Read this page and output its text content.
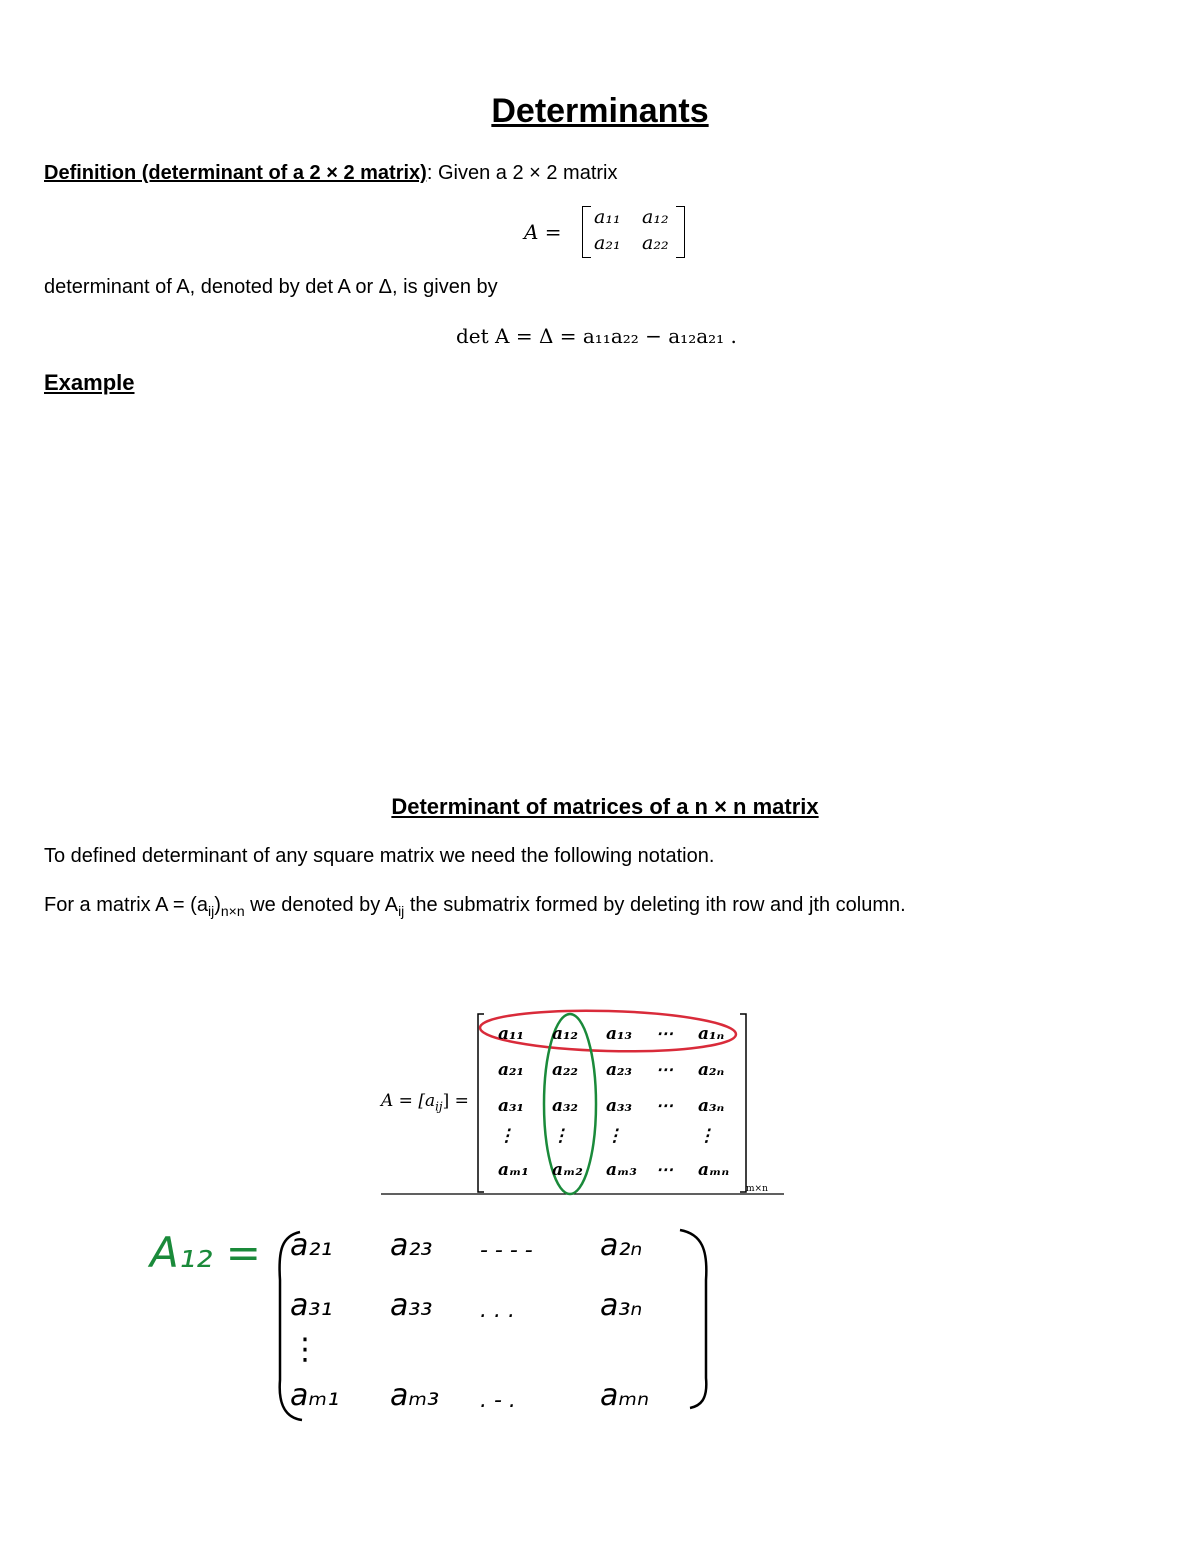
Determinants
Definition (determinant of a 2 × 2 matrix): Given a 2 × 2 matrix
A =
a₁₁ a₁₂
a₂₁ a₂₂
determinant of A, denoted by det A or Δ, is given by
det A = Δ = a₁₁a₂₂ − a₁₂a₂₁ .
Example
Determinant of matrices of a n × n matrix
To defined determinant of any square matrix we need the following notation.
For a matrix $A = (a_{ij})_{n\times n}$ we denoted by $A_{ij}$ the submatrix formed by deleting ith row and jth column.
$A = [a_{ij}]$ =
a₁₁ a₁₂ a₁₃ ⋯ a₁ₙ
a₂₁ a₂₂ a₂₃ ⋯ a₂ₙ
a₃₁ a₃₂ a₃₃ ⋯ a₃ₙ
⋮ ⋮ ⋮	⋮
aₘ₁ aₘ₂ aₘ₃ ⋯ aₘₙ
m×n
A₁₂ = a₂₁ a₂₃ - - - - a₂ₙ
a₃₁ a₃₃ . . .	a₃ₙ
⋮
aₘ₁ aₘ₃ . - .	aₘₙ
